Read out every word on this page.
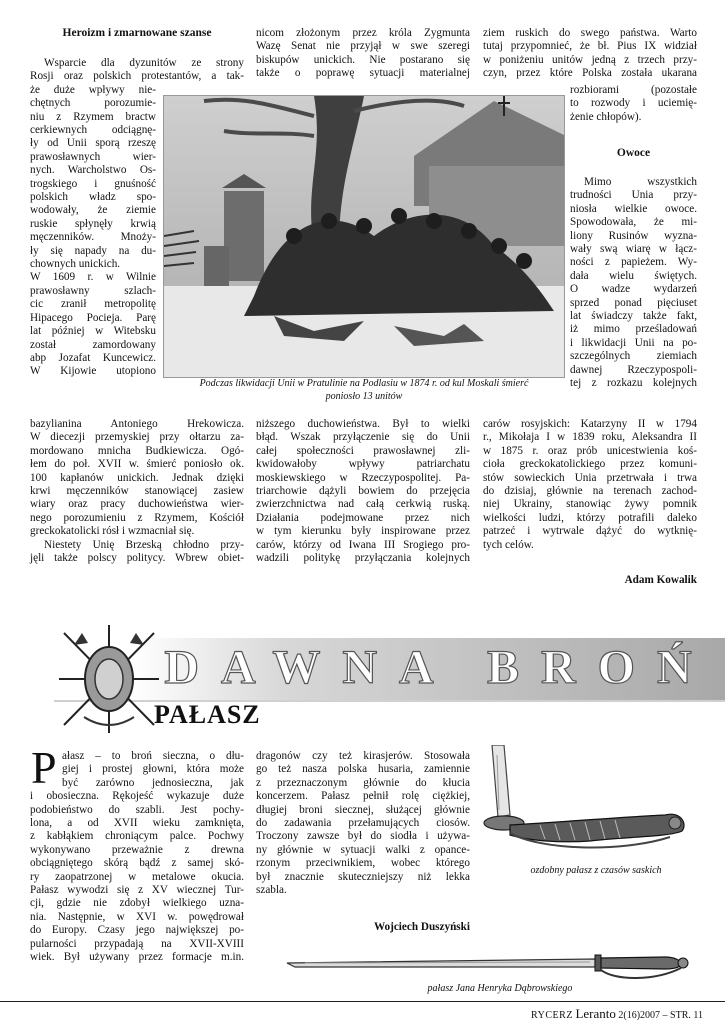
Heroizm i zmarnowane szanse
Wsparcie dla dyzunitów ze strony
Rosji oraz polskich protestantów, a tak-
że duże wpływy nie-
chętnych porozumie-
niu z Rzymem bractw
cerkiewnych odciągnę-
ły od Unii sporą rzeszę
prawosławnych wier-
nych. Warcholstwo Os-
trogskiego i gnuśność
polskich władz spo-
wodowały, że ziemie
ruskie spłynęły krwią
męczenników. Mnoży-
ły się napady na du-
chownych unickich.
W 1609 r. w Wilnie
prawosławny szlach-
cic zranił metropolitę
Hipacego Pocieja. Parę
lat później w Witebsku
został zamordowany
abp Jozafat Kuncewicz.
W Kijowie utopiono
bazylianina Antoniego Hrekowicza.
W diecezji przemyskiej przy ołtarzu za-
mordowano mnicha Budkiewicza. Ogó-
łem do poł. XVII w. śmierć poniosło ok.
100 kapłanów unickich. Jednak dzięki
krwi męczenników stanowiącej zasiew
wiary oraz pracy duchowieństwa wier-
nego porozumieniu z Rzymem, Kościół
greckokatolicki rósł i wzmacniał się.
Niestety Unię Brzeską chłodno przy-
jęli także polscy politycy. Wbrew obiet-
nicom złożonym przez króla Zygmunta
Wazę Senat nie przyjął w swe szeregi
biskupów unickich. Nie postarano się
także o poprawę sytuacji materialnej
Podczas likwidacji Unii w Pratulinie na Podlasiu w 1874 r. od kul Moskali śmierć
poniosło 13 unitów
niższego duchowieństwa. Był to wielki
błąd. Wszak przyłączenie się do Unii
całej społeczności prawosławnej zli-
kwidowałoby wpływy patriarchatu
moskiewskiego w Rzeczypospolitej. Pa-
triarchowie dążyli bowiem do przejęcia
zwierzchnictwa nad całą cerkwią ruską.
Działania podejmowane przez nich
w tym kierunku były inspirowane przez
carów, którzy od Iwana III Srogiego pro-
wadzili politykę przyłączania kolejnych
ziem ruskich do swego państwa. Warto
tutaj przypomnieć, że bł. Pius IX widział
w poniżeniu unitów jedną z trzech przy-
czyn, przez które Polska została ukarana
rozbiorami (pozostałe
to rozwody i uciemię-
żenie chłopów).
Owoce
Mimo wszystkich
trudności Unia przy-
niosła wielkie owoce.
Spowodowała, że mi-
liony Rusinów wyzna-
wały swą wiarę w łącz-
ności z papieżem. Wy-
dała wielu świętych.
O wadze wydarzeń
sprzed ponad pięciuset
lat świadczy także fakt,
iż mimo prześladowań
i likwidacji Unii na po-
szczególnych ziemiach
dawnej Rzeczypospoli-
tej z rozkazu kolejnych
carów rosyjskich: Katarzyny II w 1794
r., Mikołaja I w 1839 roku, Aleksandra II
w 1875 r. oraz prób unicestwienia koś-
cioła greckokatolickiego przez komuni-
stów sowieckich Unia przetrwała i trwa
do dzisiaj, głównie na terenach zachod-
niej Ukrainy, stanowiąc żywy pomnik
wielkości ludzi, którzy potrafili daleko
patrzeć i wytrwale dążyć do wytknię-
tych celów.
Adam Kowalik
DAWNA BROŃ
PAŁASZ
P ałasz – to broń sieczna, o dłu-
giej i prostej głowni, która może
być zarówno jednosieczna, jak
i obosieczna. Rękojeść wykazuje duże
podobieństwo do szabli. Jest pochy-
lona, a od XVII wieku zamknięta,
z kabłąkiem chroniącym palce. Pochwy
wykonywano przeważnie z drewna
obciągniętego skórą bądź z samej skó-
ry zaopatrzonej w metalowe okucia.
Pałasz wywodzi się z XV wiecznej Tur-
cji, gdzie nie zdobył wielkiego uzna-
nia. Następnie, w XVI w. powędrował
do Europy. Czasy jego największej po-
pularności przypadają na XVII-XVIII
wiek. Był używany przez formacje m.in.
dragonów czy też kirasjerów. Stosowała
go też nasza polska husaria, zamiennie
z przeznaczonym głównie do kłucia
koncerzem. Pałasz pełnił rolę ciężkiej,
długiej broni siecznej, służącej głównie
do zadawania przełamujących ciosów.
Troczony zawsze był do siodła i używa-
ny głównie w sytuacji walki z opance-
rzonym przeciwnikiem, wobec którego
był znacznie skuteczniejszy niż lekka
szabla.
Wojciech Duszyński
ozdobny pałasz z czasów saskich
pałasz Jana Henryka Dąbrowskiego
RYCERZ Leranto 2(16)2007 – STR. 11
